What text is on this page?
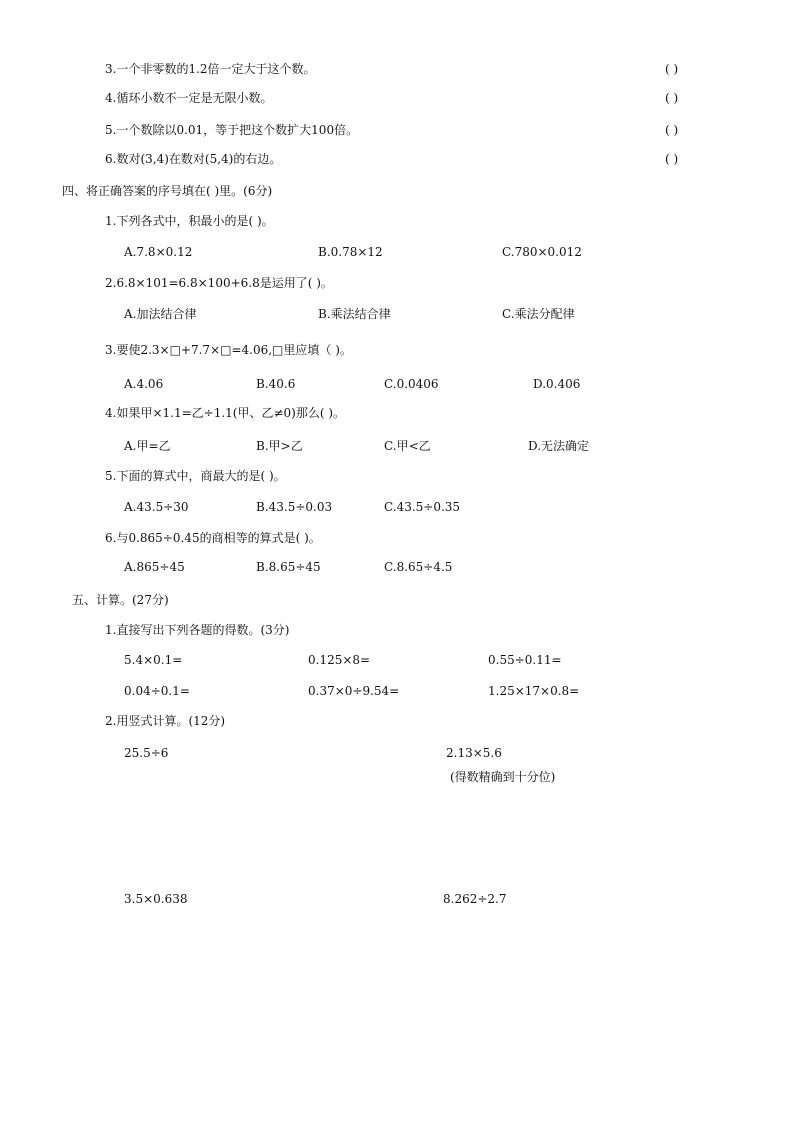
3.一个非零数的1.2倍一定大于这个数。	( )
4.循环小数不一定是无限小数。	( )
5.一个数除以0.01，等于把这个数扩大100倍。	( )
6.数对(3,4)在数对(5,4)的右边。	( )
四、将正确答案的序号填在( )里。(6分)
1.下列各式中，积最小的是( )。
A.7.8×0.12	B.0.78×12	C.780×0.012
2.6.8×101=6.8×100+6.8是运用了( )。
A.加法结合律	B.乘法结合律	C.乘法分配律
3.要使2.3×□+7.7×□=4.06,□里应填（ )。
A.4.06	B.40.6	C.0.0406	D.0.406
4.如果甲×1.1=乙÷1.1(甲、乙≠0)那么( )。
A.甲=乙	B.甲>乙	C.甲<乙	D.无法确定
5.下面的算式中，商最大的是( )。
A.43.5÷30	B.43.5÷0.03	C.43.5÷0.35
6.与0.865÷0.45的商相等的算式是( )。
A.865÷45	B.8.65÷45	C.8.65÷4.5
五、计算。(27分)
1.直接写出下列各题的得数。(3分)
5.4×0.1=	0.125×8=	0.55÷0.11=
0.04÷0.1=	0.37×0÷9.54=	1.25×17×0.8=
2.用竖式计算。(12分)
25.5÷6	2.13×5.6
(得数精确到十分位)
3.5×0.638	8.262÷2.7
